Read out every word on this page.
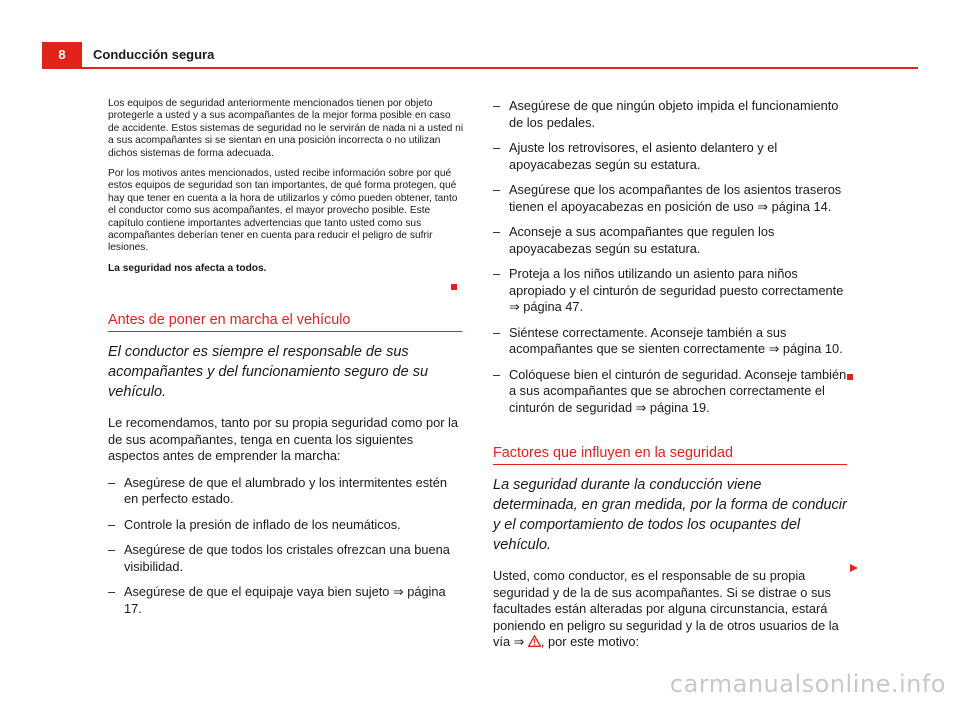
8	Conducción segura

Los equipos de seguridad anteriormente mencionados tienen por objeto protegerle a usted y a sus acompañantes de la mejor forma posible en caso de accidente. Estos sistemas de seguridad no le servirán de nada ni a usted ni a sus acompañantes si se sientan en una posición incorrecta o no utilizan dichos sistemas de forma adecuada.

Por los motivos antes mencionados, usted recibe información sobre por qué estos equipos de seguridad son tan importantes, de qué forma protegen, qué hay que tener en cuenta a la hora de utilizarlos y cómo pueden obtener, tanto el conductor como sus acompañantes, el mayor provecho posible. Este capítulo contiene importantes advertencias que tanto usted como sus acompañantes deberían tener en cuenta para reducir el peligro de sufrir lesiones.

La seguridad nos afecta a todos.

Antes de poner en marcha el vehículo

El conductor es siempre el responsable de sus acompañantes y del funcionamiento seguro de su vehículo.

Le recomendamos, tanto por su propia seguridad como por la de sus acompañantes, tenga en cuenta los siguientes aspectos antes de emprender la marcha:

– Asegúrese de que el alumbrado y los intermitentes estén en perfecto estado.
– Controle la presión de inflado de los neumáticos.
– Asegúrese de que todos los cristales ofrezcan una buena visibilidad.
– Asegúrese de que el equipaje vaya bien sujeto ⇒ página 17.
– Asegúrese de que ningún objeto impida el funcionamiento de los pedales.
– Ajuste los retrovisores, el asiento delantero y el apoyacabezas según su estatura.
– Asegúrese que los acompañantes de los asientos traseros tienen el apoyacabezas en posición de uso ⇒ página 14.
– Aconseje a sus acompañantes que regulen los apoyacabezas según su estatura.
– Proteja a los niños utilizando un asiento para niños apropiado y el cinturón de seguridad puesto correctamente ⇒ página 47.
– Siéntese correctamente. Aconseje también a sus acompañantes que se sienten correctamente ⇒ página 10.
– Colóquese bien el cinturón de seguridad. Aconseje también a sus acompañantes que se abrochen correctamente el cinturón de seguridad ⇒ página 19.
Factores que influyen en la seguridad

La seguridad durante la conducción viene determinada, en gran medida, por la forma de conducir y el comportamiento de todos los ocupantes del vehículo.

Usted, como conductor, es el responsable de su propia seguridad y de la de sus acompañantes. Si se distrae o sus facultades están alteradas por alguna circunstancia, estará poniendo en peligro su seguridad y la de otros usuarios de la vía ⇒ , por este motivo:

carmanualsonline.info
